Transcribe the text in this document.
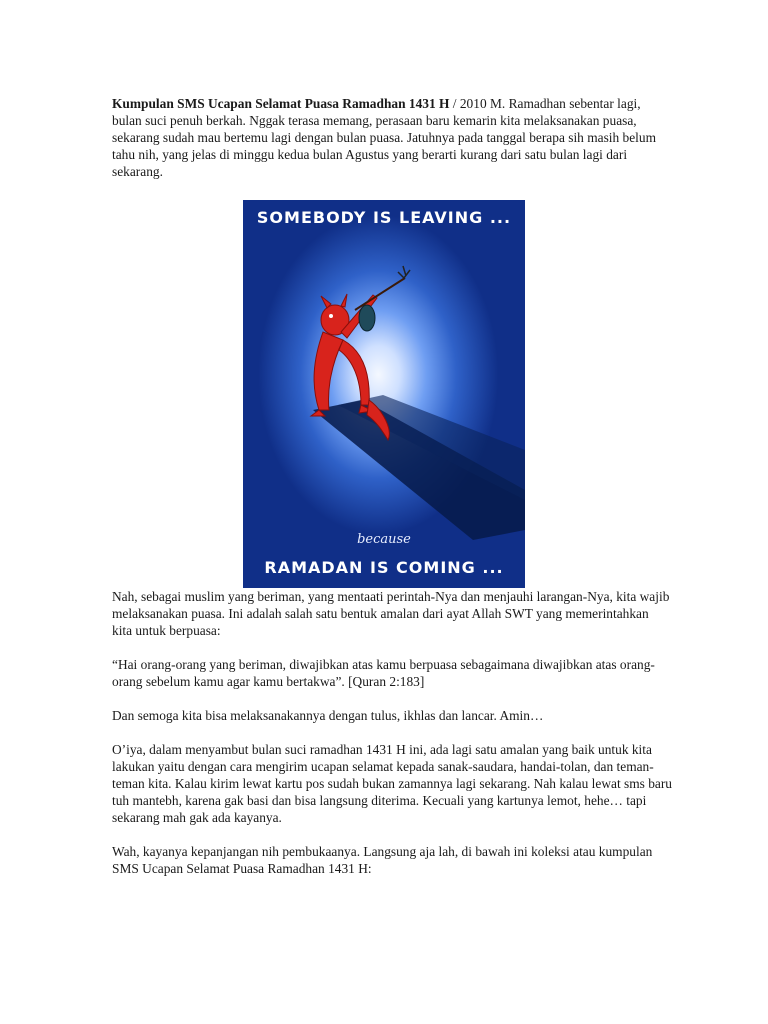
Kumpulan SMS Ucapan Selamat Puasa Ramadhan 1431 H / 2010 M. Ramadhan sebentar lagi, bulan suci penuh berkah. Nggak terasa memang, perasaan baru kemarin kita melaksanakan puasa, sekarang sudah mau bertemu lagi dengan bulan puasa. Jatuhnya pada tanggal berapa sih masih belum tahu nih, yang jelas di minggu kedua bulan Agustus yang berarti kurang dari satu bulan lagi dari sekarang.

SOMEBODY IS LEAVING ...
because
RAMADAN IS COMING ...

Nah, sebagai muslim yang beriman, yang mentaati perintah-Nya dan menjauhi larangan-Nya, kita wajib melaksanakan puasa. Ini adalah salah satu bentuk amalan dari ayat Allah SWT yang memerintahkan kita untuk berpuasa:

“Hai orang-orang yang beriman, diwajibkan atas kamu berpuasa sebagaimana diwajibkan atas orang-orang sebelum kamu agar kamu bertakwa”. [Quran 2:183]

Dan semoga kita bisa melaksanakannya dengan tulus, ikhlas dan lancar. Amin…

O’iya, dalam menyambut bulan suci ramadhan 1431 H ini, ada lagi satu amalan yang baik untuk kita lakukan yaitu dengan cara mengirim ucapan selamat kepada sanak-saudara, handai-tolan, dan teman-teman kita. Kalau kirim lewat kartu pos sudah bukan zamannya lagi sekarang. Nah kalau lewat sms baru tuh mantebh, karena gak basi dan bisa langsung diterima. Kecuali yang kartunya lemot, hehe… tapi sekarang mah gak ada kayanya.

Wah, kayanya kepanjangan nih pembukaanya. Langsung aja lah, di bawah ini koleksi atau kumpulan SMS Ucapan Selamat Puasa Ramadhan 1431 H:
